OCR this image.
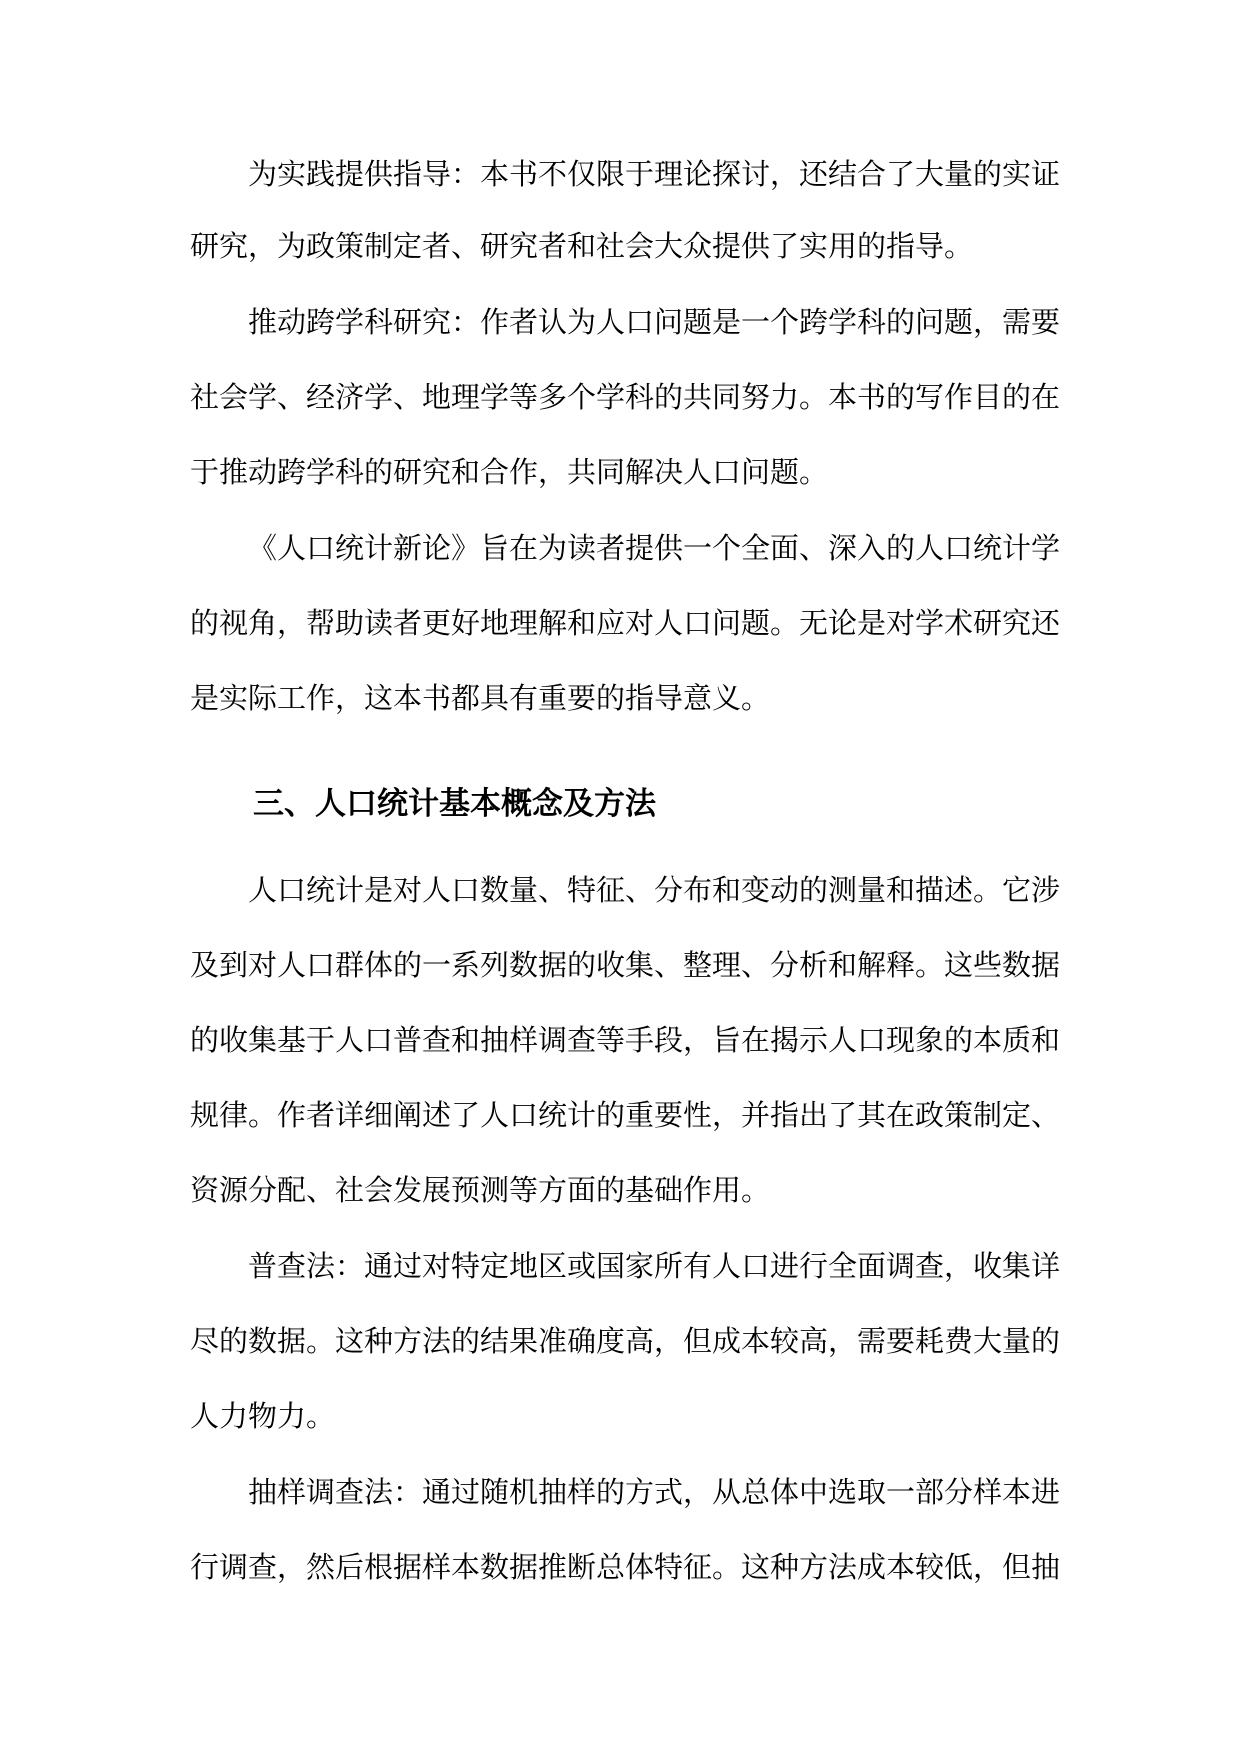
为实践提供指导：本书不仅限于理论探讨，还结合了大量的实证
研究，为政策制定者、研究者和社会大众提供了实用的指导。
推动跨学科研究：作者认为人口问题是一个跨学科的问题，需要
社会学、经济学、地理学等多个学科的共同努力。本书的写作目的在
于推动跨学科的研究和合作，共同解决人口问题。
《人口统计新论》旨在为读者提供一个全面、深入的人口统计学
的视角，帮助读者更好地理解和应对人口问题。无论是对学术研究还
是实际工作，这本书都具有重要的指导意义。
三、人口统计基本概念及方法
人口统计是对人口数量、特征、分布和变动的测量和描述。它涉
及到对人口群体的一系列数据的收集、整理、分析和解释。这些数据
的收集基于人口普查和抽样调查等手段，旨在揭示人口现象的本质和
规律。作者详细阐述了人口统计的重要性，并指出了其在政策制定、
资源分配、社会发展预测等方面的基础作用。
普查法：通过对特定地区或国家所有人口进行全面调查，收集详
尽的数据。这种方法的结果准确度高，但成本较高，需要耗费大量的
人力物力。
抽样调查法：通过随机抽样的方式，从总体中选取一部分样本进
行调查，然后根据样本数据推断总体特征。这种方法成本较低，但抽
